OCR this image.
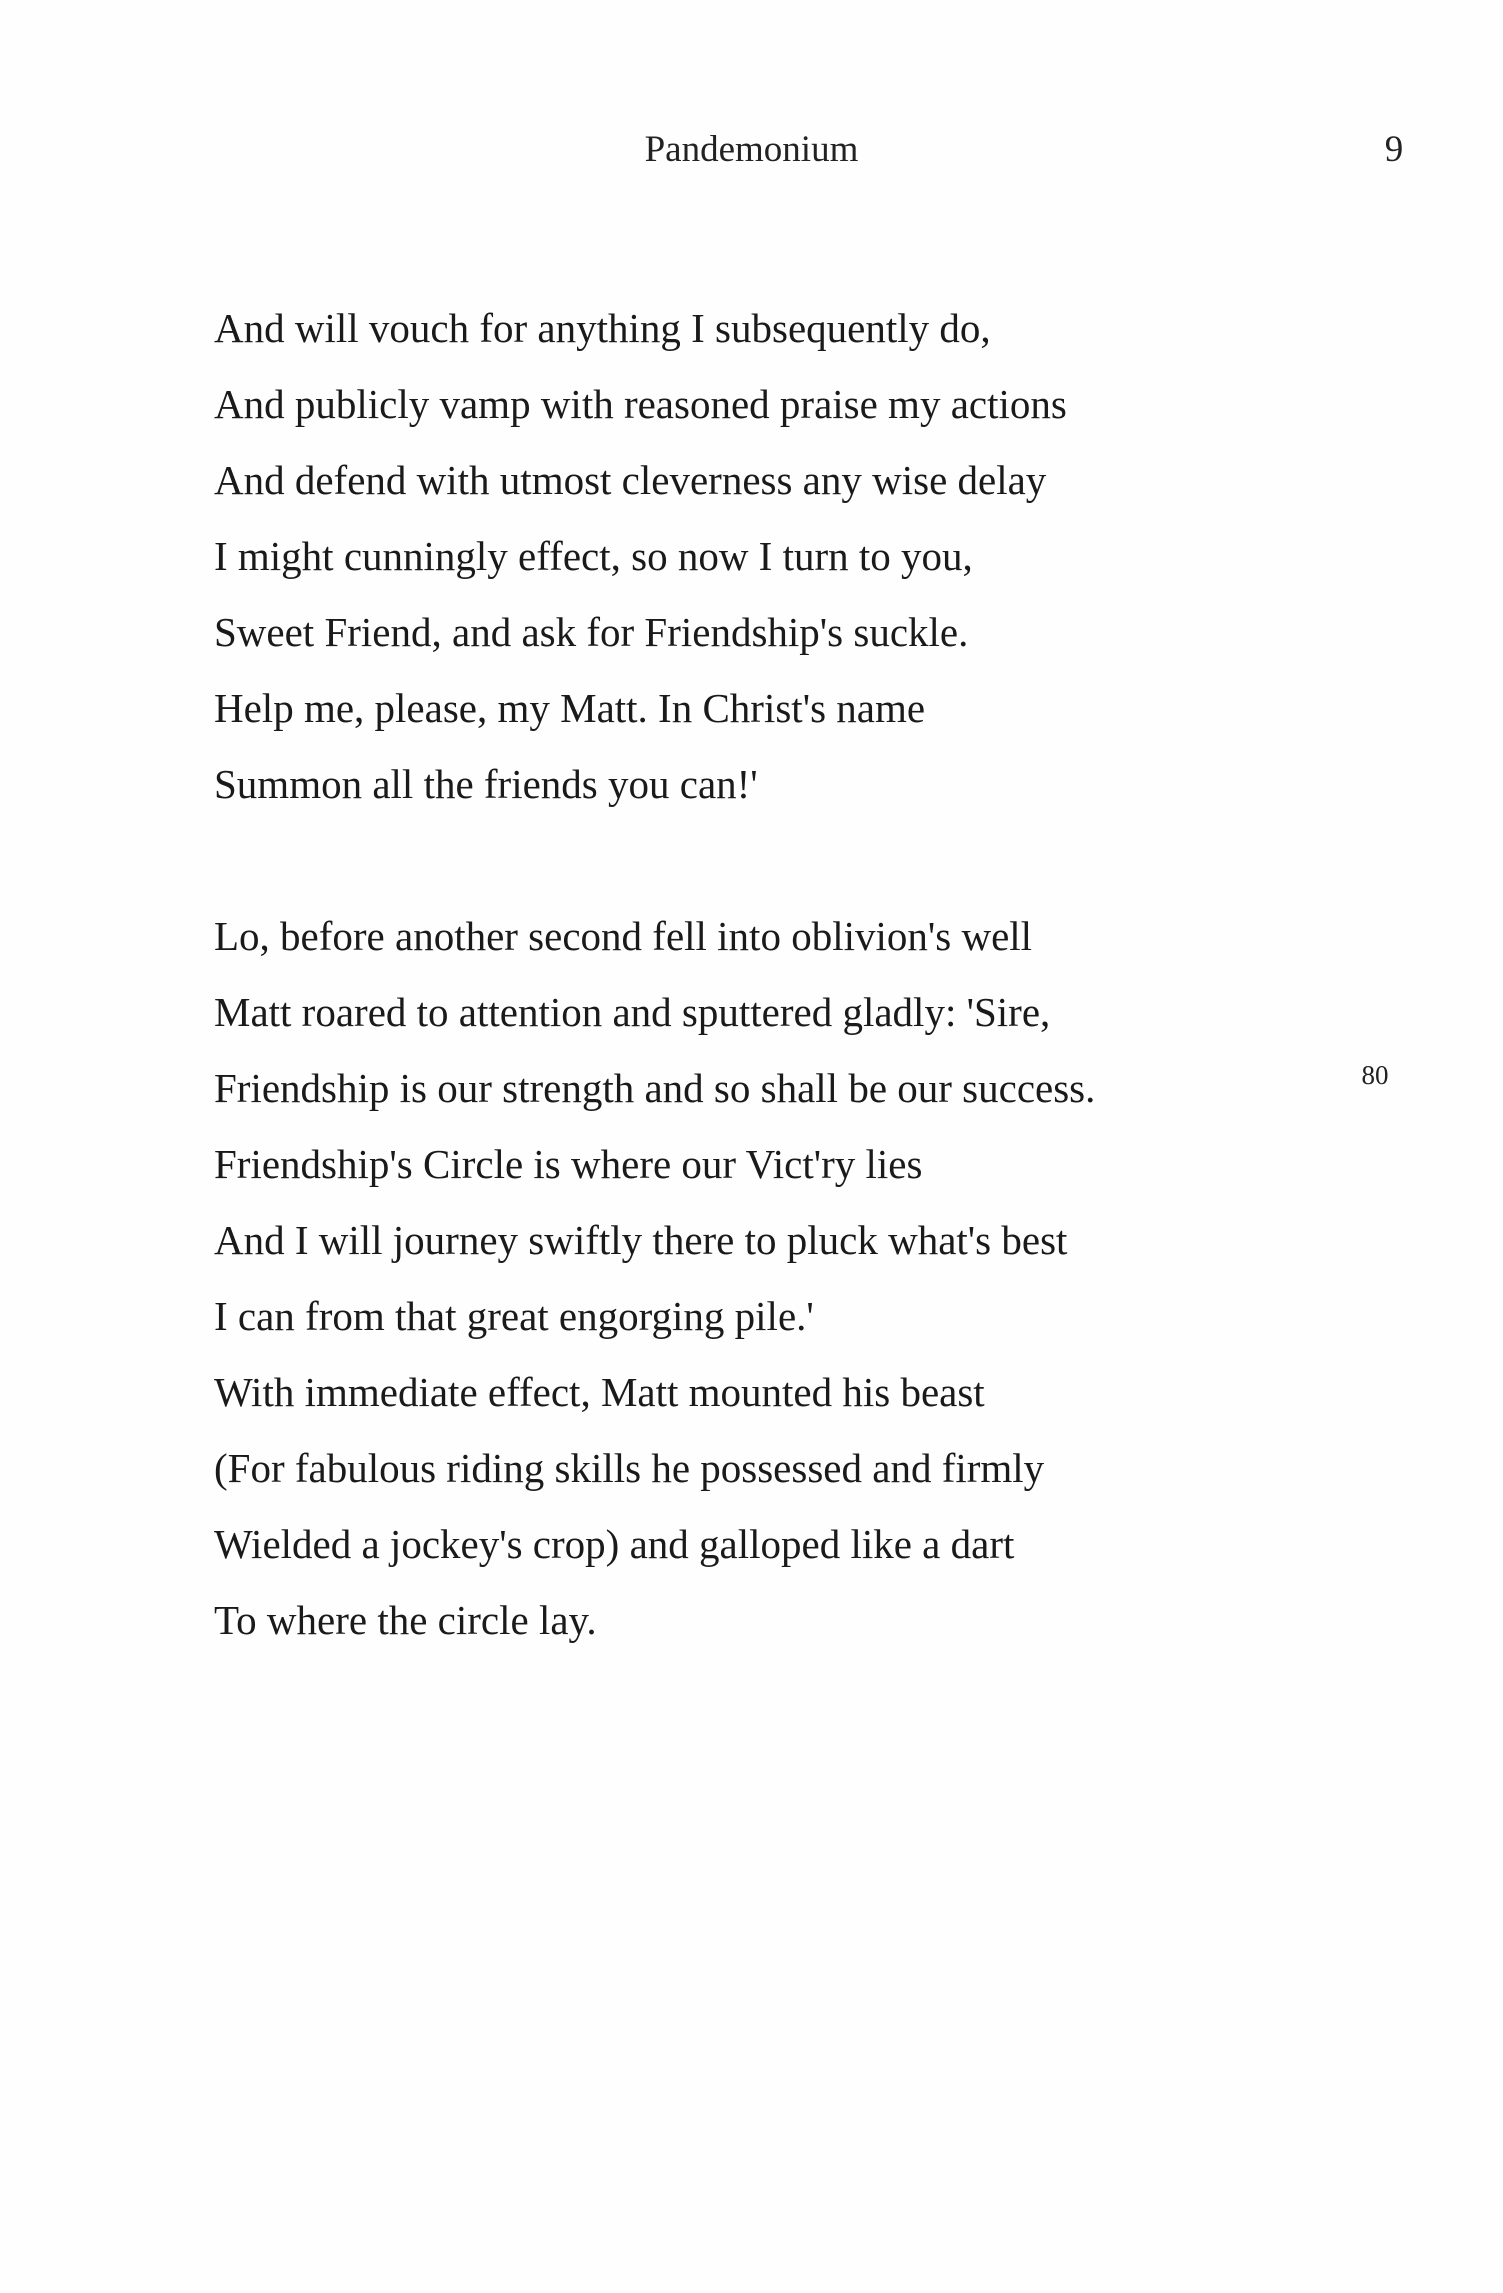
Pandemonium	9
And will vouch for anything I subsequently do,
And publicly vamp with reasoned praise my actions
And defend with utmost cleverness any wise delay
I might cunningly effect, so now I turn to you,
Sweet Friend, and ask for Friendship's suckle.
Help me, please, my Matt. In Christ's name
Summon all the friends you can!'
Lo, before another second fell into oblivion's well
Matt roared to attention and sputtered gladly: 'Sire,
Friendship is our strength and so shall be our success.
Friendship's Circle is where our Vict'ry lies
And I will journey swiftly there to pluck what's best
I can from that great engorging pile.'
With immediate effect, Matt mounted his beast
(For fabulous riding skills he possessed and firmly
Wielded a jockey's crop) and galloped like a dart
To where the circle lay.
80
